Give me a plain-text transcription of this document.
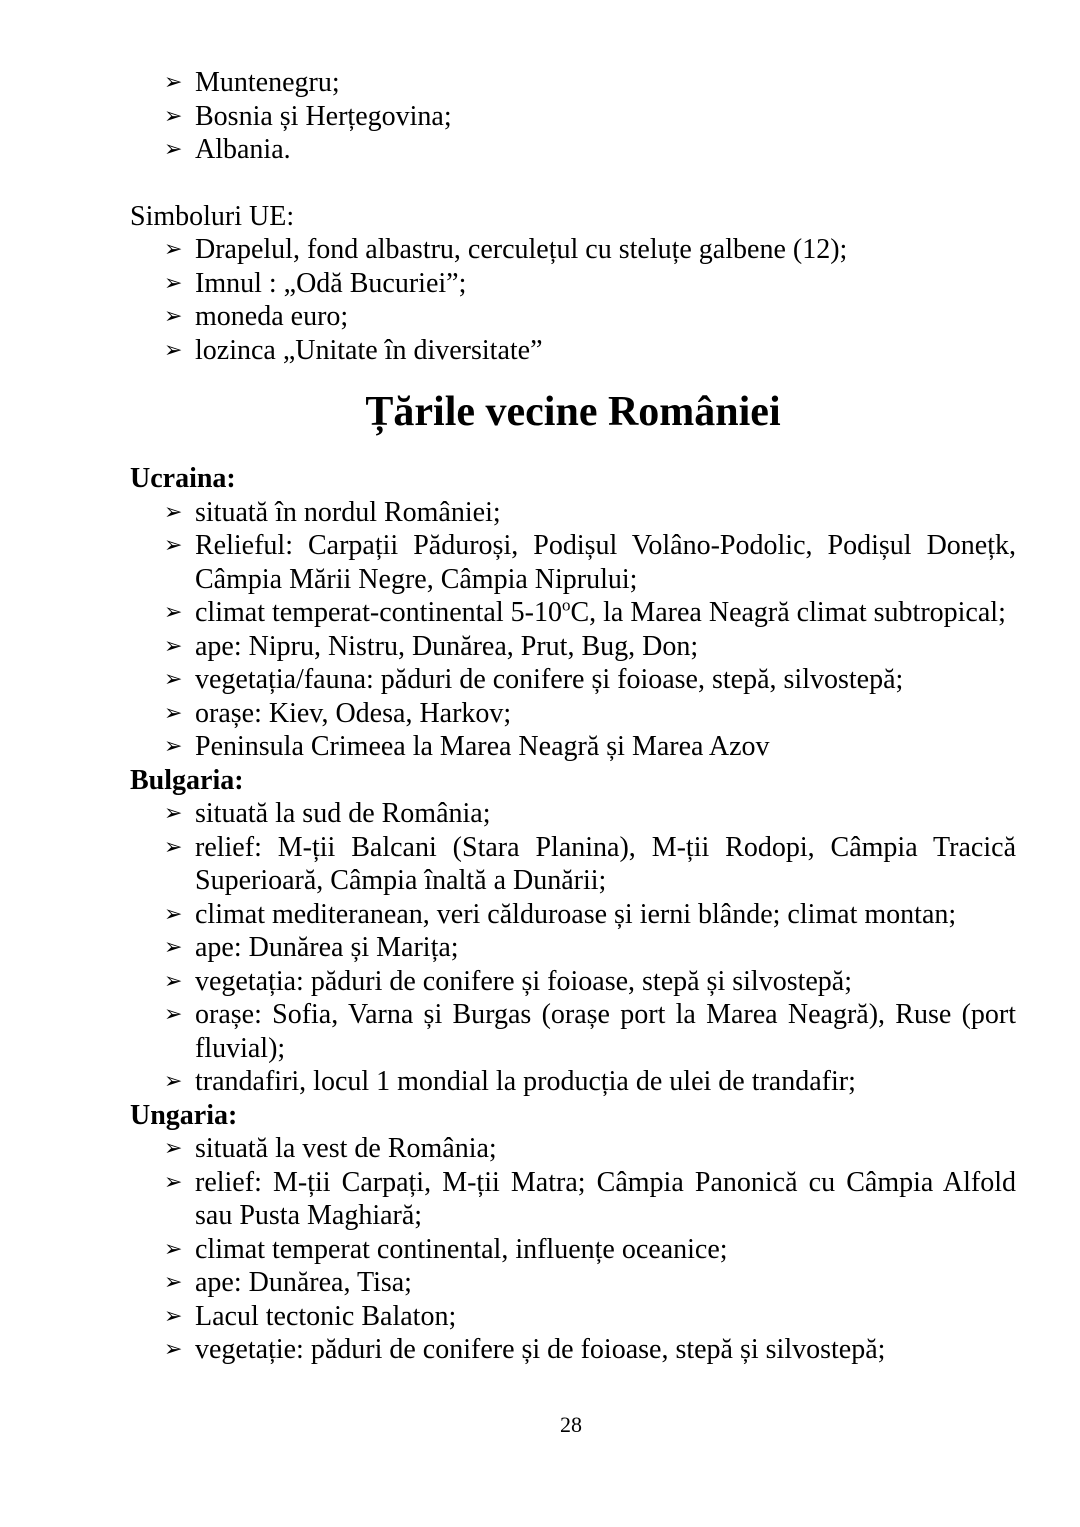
➢ Muntenegru;
➢ Bosnia și Herțegovina;
➢ Albania.
Simboluri UE:
➢ Drapelul, fond albastru, cerculețul cu steluțe galbene (12);
➢ Imnul : „Odă Bucuriei”;
➢ moneda euro;
➢ lozinca „Unitate în diversitate”
Țările vecine României
Ucraina:
➢ situată în nordul României;
➢ Relieful: Carpații Păduroși, Podișul Volâno-Podolic, Podișul Donețk, Câmpia Mării Negre, Câmpia Niprului;
➢ climat temperat-continental 5-10$^o$C, la Marea Neagră climat subtropical;
➢ ape: Nipru, Nistru, Dunărea, Prut, Bug, Don;
➢ vegetația/fauna: păduri de conifere și foioase, stepă, silvostepă;
➢ orașe: Kiev, Odesa, Harkov;
➢ Peninsula Crimeea la Marea Neagră și Marea Azov
Bulgaria:
➢ situată la sud de România;
➢ relief: M-ții Balcani (Stara Planina), M-ții Rodopi, Câmpia Tracică Superioară, Câmpia înaltă a Dunării;
➢ climat mediteranean, veri călduroase și ierni blânde; climat montan;
➢ ape: Dunărea și Marița;
➢ vegetația: păduri de conifere și foioase, stepă și silvostepă;
➢ orașe: Sofia, Varna și Burgas (orașe port la Marea Neagră), Ruse (port fluvial);
➢ trandafiri, locul 1 mondial la producția de ulei de trandafir;
Ungaria:
➢ situată la vest de România;
➢ relief: M-ții Carpați, M-ții Matra; Câmpia Panonică cu Câmpia Alfold sau Pusta Maghiară;
➢ climat temperat continental, influențe oceanice;
➢ ape: Dunărea, Tisa;
➢ Lacul tectonic Balaton;
➢ vegetație: păduri de conifere și de foioase, stepă și silvostepă;
28
